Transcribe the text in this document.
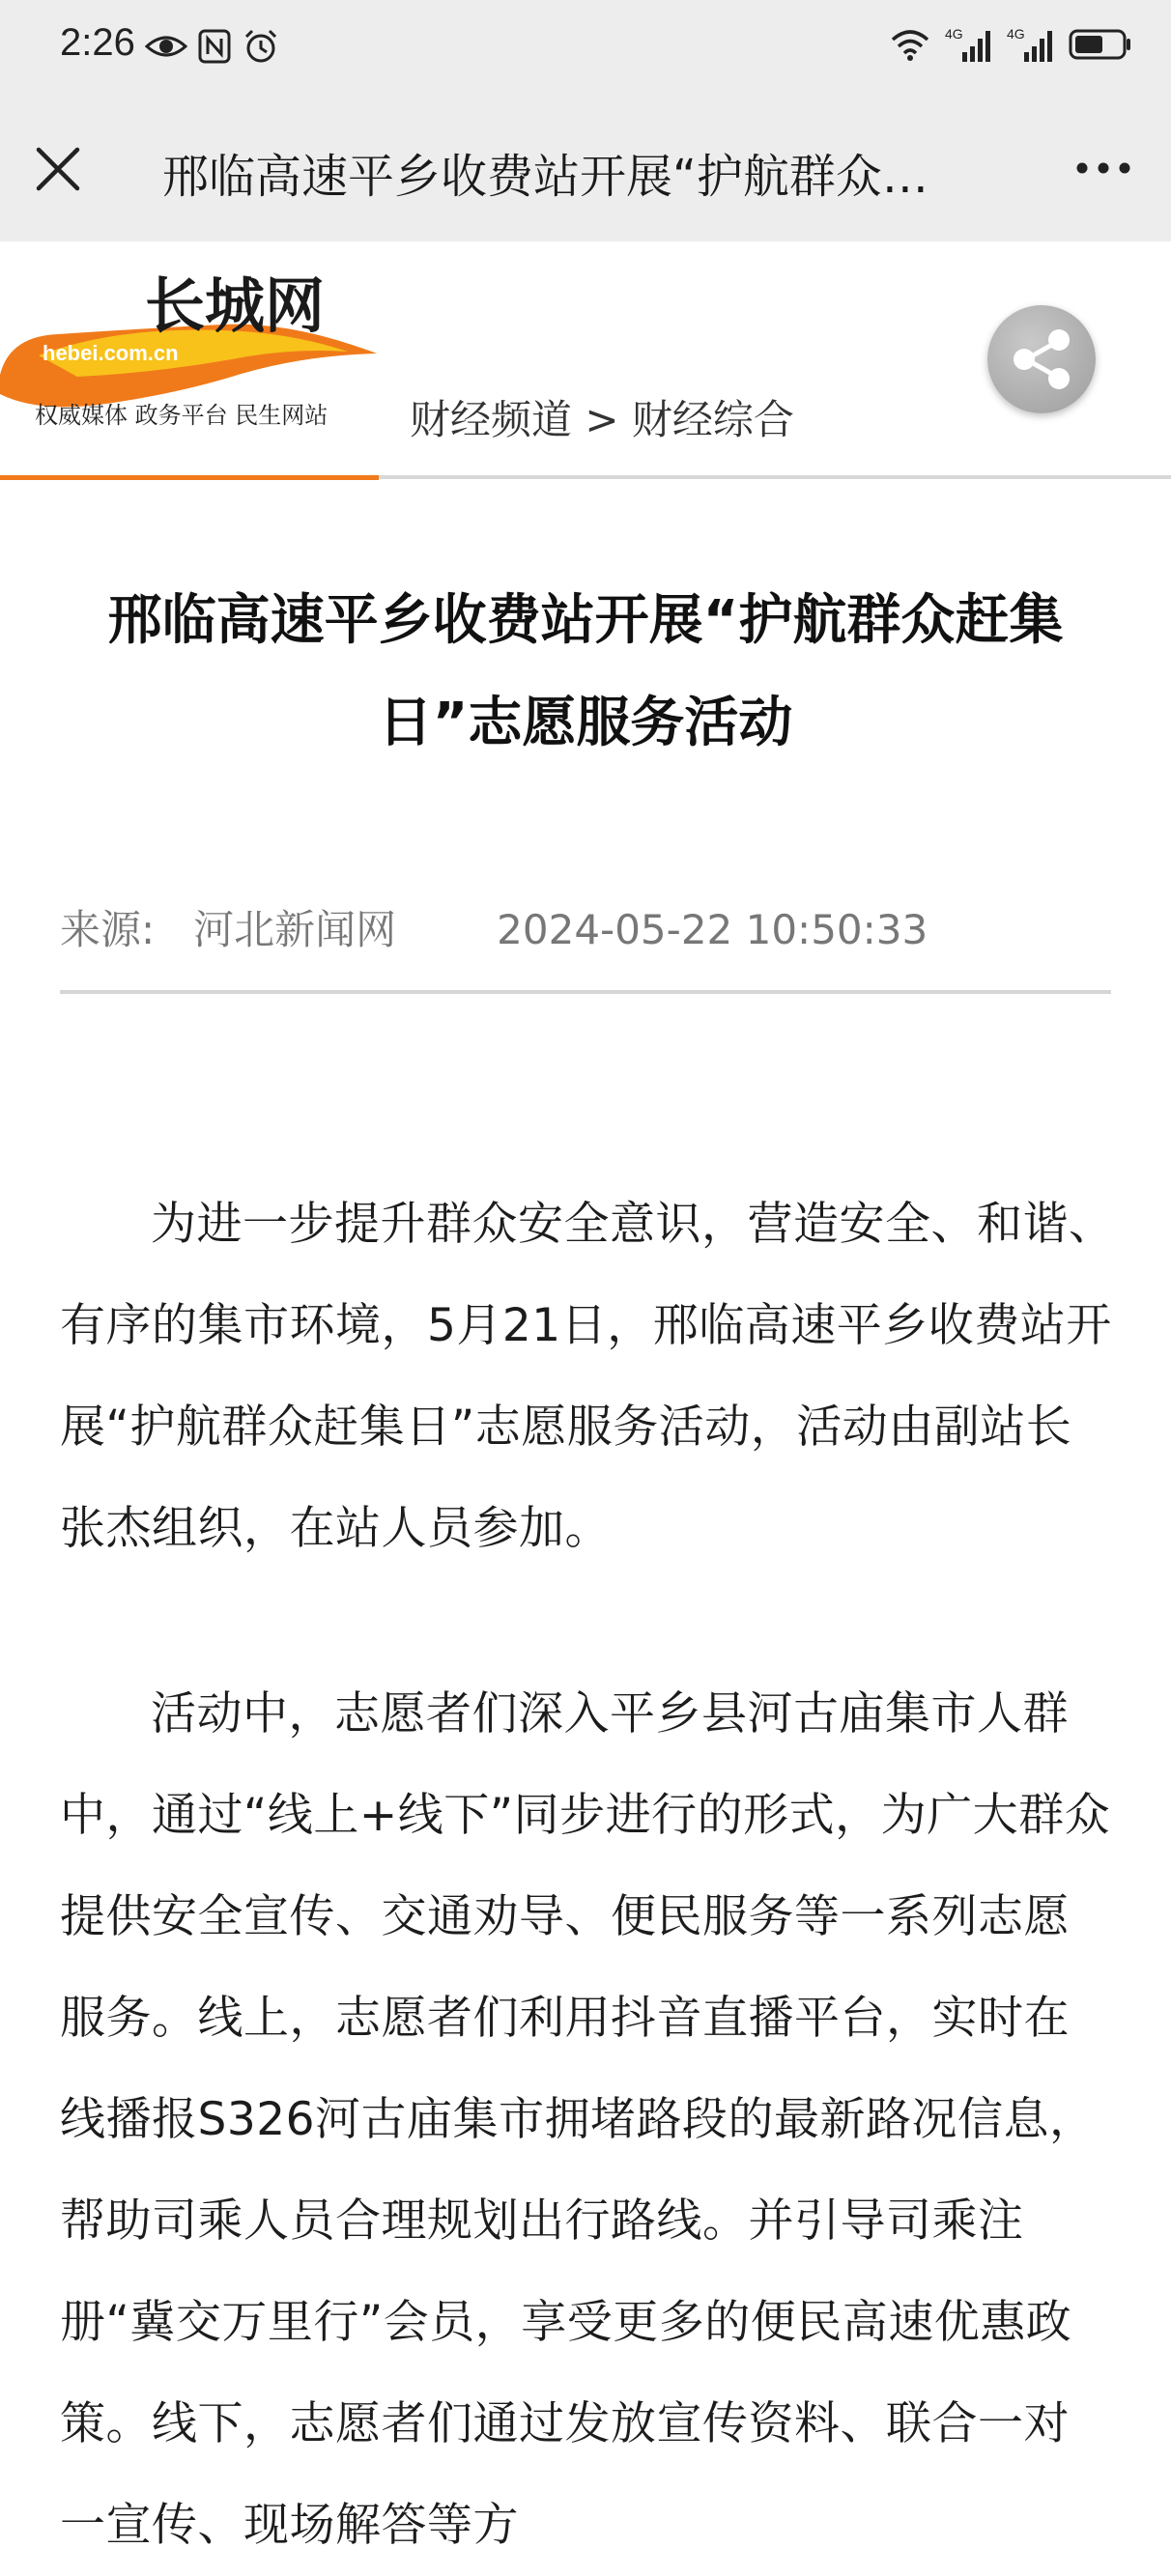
2:26	4G	4G
邢临高速平乡收费站开展“护航群众…
长城网
hebei.com.cn
权威媒体 政务平台 民生网站 财经频道 > 财经综合
邢临高速平乡收费站开展“护航群众赶集日”志愿服务活动
来源: 河北新闻网 2024-05-22 10:50:33
为进一步提升群众安全意识，营造安全、和谐、有序的集市环境，5月21日，邢临高速平乡收费站开展“护航群众赶集日”志愿服务活动，活动由副站长张杰组织，在站人员参加。
活动中，志愿者们深入平乡县河古庙集市人群中，通过“线上+线下”同步进行的形式，为广大群众提供安全宣传、交通劝导、便民服务等一系列志愿服务。线上，志愿者们利用抖音直播平台，实时在线播报S326河古庙集市拥堵路段的最新路况信息，帮助司乘人员合理规划出行路线。并引导司乘注册“冀交万里行”会员，享受更多的便民高速优惠政策。线下，志愿者们通过发放宣传资料、联合一对一宣传、现场解答等方
